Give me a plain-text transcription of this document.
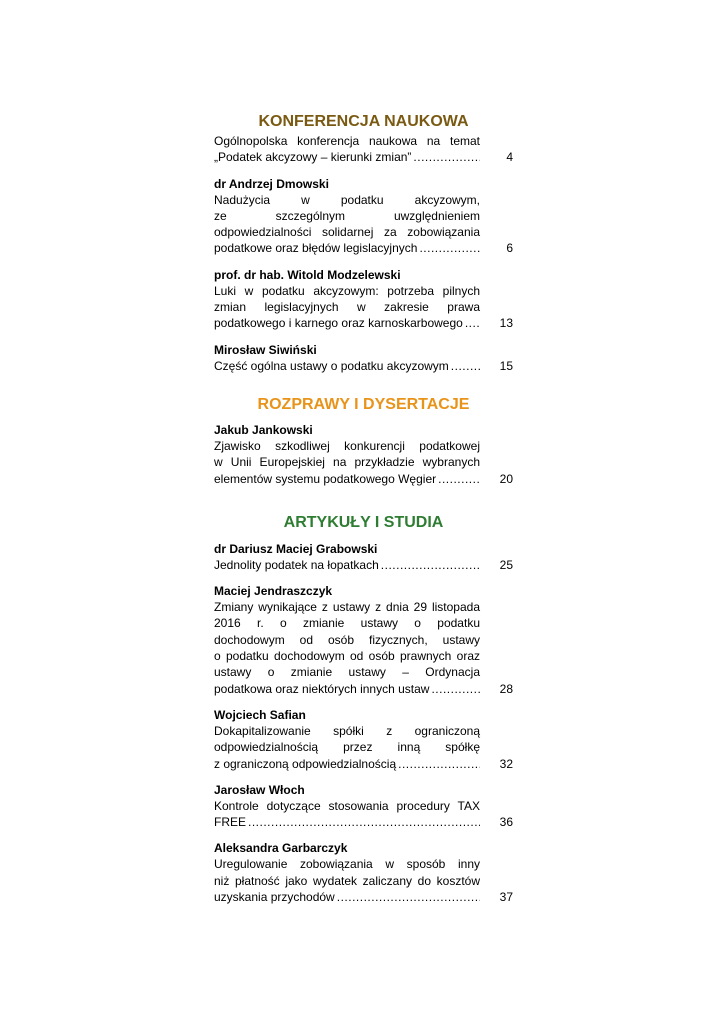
KONFERENCJA NAUKOWA
Ogólnopolska konferencja naukowa na temat
„Podatek akcyzowy – kierunki zmian” .....	4
dr Andrzej Dmowski
Nadużycia w podatku akcyzowym,
ze szczególnym uwzględnieniem
odpowiedzialności solidarnej za zobowiązania
podatkowe oraz błędów legislacyjnych .....	6
prof. dr hab. Witold Modzelewski
Luki w podatku akcyzowym: potrzeba pilnych
zmian legislacyjnych w zakresie prawa
podatkowego i karnego oraz karnoskarbowego .....	13
Mirosław Siwiński
Część ogólna ustawy o podatku akcyzowym .....	15
ROZPRAWY I DYSERTACJE
Jakub Jankowski
Zjawisko szkodliwej konkurencji podatkowej
w Unii Europejskiej na przykładzie wybranych
elementów systemu podatkowego Węgier .....	20
ARTYKUŁY I STUDIA
dr Dariusz Maciej Grabowski
Jednolity podatek na łopatkach .....	25
Maciej Jendraszczyk
Zmiany wynikające z ustawy z dnia 29 listopada
2016 r. o zmianie ustawy o podatku
dochodowym od osób fizycznych, ustawy
o podatku dochodowym od osób prawnych oraz
ustawy o zmianie ustawy – Ordynacja
podatkowa oraz niektórych innych ustaw .....	28
Wojciech Safian
Dokapitalizowanie spółki z ograniczoną
odpowiedzialnością przez inną spółkę
z ograniczoną odpowiedzialnością .....	32
Jarosław Włoch
Kontrole dotyczące stosowania procedury TAX
FREE .....	36
Aleksandra Garbarczyk
Uregulowanie zobowiązania w sposób inny
niż płatność jako wydatek zaliczany do kosztów
uzyskania przychodów .....	37
